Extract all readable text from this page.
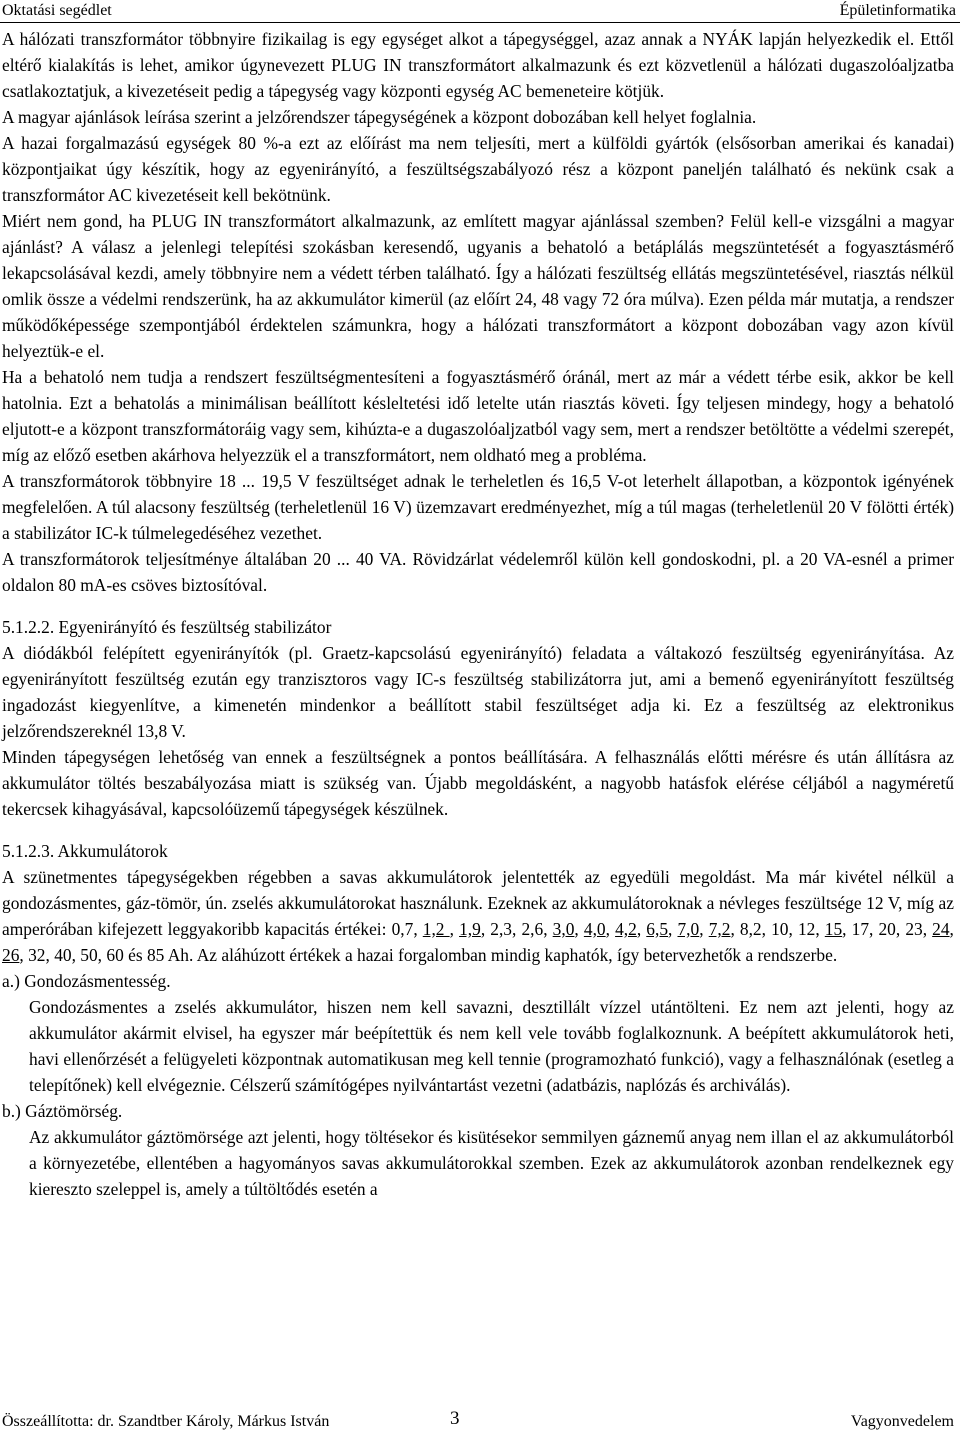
Oktatási segédlet	Épületinformatika

A hálózati transzformátor többnyire fizikailag is egy egységet alkot a tápegységgel, azaz annak a NYÁK lapján helyezkedik el. Ettől eltérő kialakítás is lehet, amikor úgynevezett PLUG IN transzformátort alkalmazunk és ezt közvetlenül a hálózati dugaszolóaljzatba csatlakoztatjuk, a kivezetéseit pedig a tápegység vagy központi egység AC bemeneteire kötjük.

A magyar ajánlások leírása szerint a jelzőrendszer tápegységének a központ dobozában kell helyet foglalnia.

A hazai forgalmazású egységek 80 %-a ezt az előírást ma nem teljesíti, mert a külföldi gyártók (elsősorban amerikai és kanadai) központjaikat úgy készítik, hogy az egyenirányító, a feszültségszabályozó rész a központ paneljén található és nekünk csak a transzformátor AC kivezetéseit kell bekötnünk.

Miért nem gond, ha PLUG IN transzformátort alkalmazunk, az említett magyar ajánlással szemben? Felül kell-e vizsgálni a magyar ajánlást? A válasz a jelenlegi telepítési szokásban keresendő, ugyanis a behatoló a betáplálás megszüntetését a fogyasztásmérő lekapcsolásával kezdi, amely többnyire nem a védett térben található. Így a hálózati feszültség ellátás megszüntetésével, riasztás nélkül omlik össze a védelmi rendszerünk, ha az akkumulátor kimerül (az előírt 24, 48 vagy 72 óra múlva). Ezen példa már mutatja, a rendszer működőképessége szempontjából érdektelen számunkra, hogy a hálózati transzformátort a központ dobozában vagy azon kívül helyeztük-e el.

Ha a behatoló nem tudja a rendszert feszültségmentesíteni a fogyasztásmérő óránál, mert az már a védett térbe esik, akkor be kell hatolnia. Ezt a behatolás a minimálisan beállított késleltetési idő letelte után riasztás követi. Így teljesen mindegy, hogy a behatoló eljutott-e a központ transzformátoráig vagy sem, kihúzta-e a dugaszolóaljzatból vagy sem, mert a rendszer betöltötte a védelmi szerepét, míg az előző esetben akárhova helyezzük el a transzformátort, nem oldható meg a probléma.

A transzformátorok többnyire 18 ... 19,5 V feszültséget adnak le terheletlen és 16,5 V-ot leterhelt állapotban, a központok igényének megfelelően. A túl alacsony feszültség (terheletlenül 16 V) üzemzavart eredményezhet, míg a túl magas (terheletlenül 20 V fölötti érték) a stabilizátor IC-k túlmelegedéséhez vezethet.

A transzformátorok teljesítménye általában 20 ... 40 VA. Rövidzárlat védelemről külön kell gondoskodni, pl. a 20 VA-esnél a primer oldalon 80 mA-es csöves biztosítóval.

5.1.2.2. Egyenirányító és feszültség stabilizátor

A diódákból felépített egyenirányítók (pl. Graetz-kapcsolású egyenirányító) feladata a váltakozó feszültség egyenirányítása. Az egyenirányított feszültség ezután egy tranzisztoros vagy IC-s feszültség stabilizátorra jut, ami a bemenő egyenirányított feszültség ingadozást kiegyenlítve, a kimenetén mindenkor a beállított stabil feszültséget adja ki. Ez a feszültség az elektronikus jelzőrendszereknél 13,8 V.

Minden tápegységen lehetőség van ennek a feszültségnek a pontos beállítására. A felhasználás előtti mérésre és után állításra az akkumulátor töltés beszabályozása miatt is szükség van. Újabb megoldásként, a nagyobb hatásfok elérése céljából a nagyméretű tekercsek kihagyásával, kapcsolóüzemű tápegységek készülnek.

5.1.2.3. Akkumulátorok

A szünetmentes tápegységekben régebben a savas akkumulátorok jelentették az egyedüli megoldást. Ma már kivétel nélkül a gondozásmentes, gáz-tömör, ún. zselés akkumulátorokat használunk. Ezeknek az akkumulátoroknak a névleges feszültsége 12 V, míg az amperórában kifejezett leggyakoribb kapacitás értékei: 0,7, 1,2 , 1,9, 2,3, 2,6, 3,0, 4,0, 4,2, 6,5, 7,0, 7,2, 8,2, 10, 12, 15, 17, 20, 23, 24, 26, 32, 40, 50, 60 és 85 Ah. Az aláhúzott értékek a hazai forgalomban mindig kaphatók, így betervezhetők a rendszerbe.

a.) Gondozásmentesség.

Gondozásmentes a zselés akkumulátor, hiszen nem kell savazni, desztillált vízzel utántölteni. Ez nem azt jelenti, hogy az akkumulátor akármit elvisel, ha egyszer már beépítettük és nem kell vele tovább foglalkoznunk. A beépített akkumulátorok heti, havi ellenőrzését a felügyeleti központnak automatikusan meg kell tennie (programozható funkció), vagy a felhasználónak (esetleg a telepítőnek) kell elvégeznie. Célszerű számítógépes nyilvántartást vezetni (adatbázis, naplózás és archiválás).

b.) Gáztömörség.

Az akkumulátor gáztömörsége azt jelenti, hogy töltésekor és kisütésekor semmilyen gáznemű anyag nem illan el az akkumulátorból a környezetébe, ellentében a hagyományos savas akkumulátorokkal szemben. Ezek az akkumulátorok azonban rendelkeznek egy kiereszto szeleppel is, amely a túltöltődés esetén a

Összeállította: dr. Szandtber Károly, Márkus István	3	Vagyonvedelem
